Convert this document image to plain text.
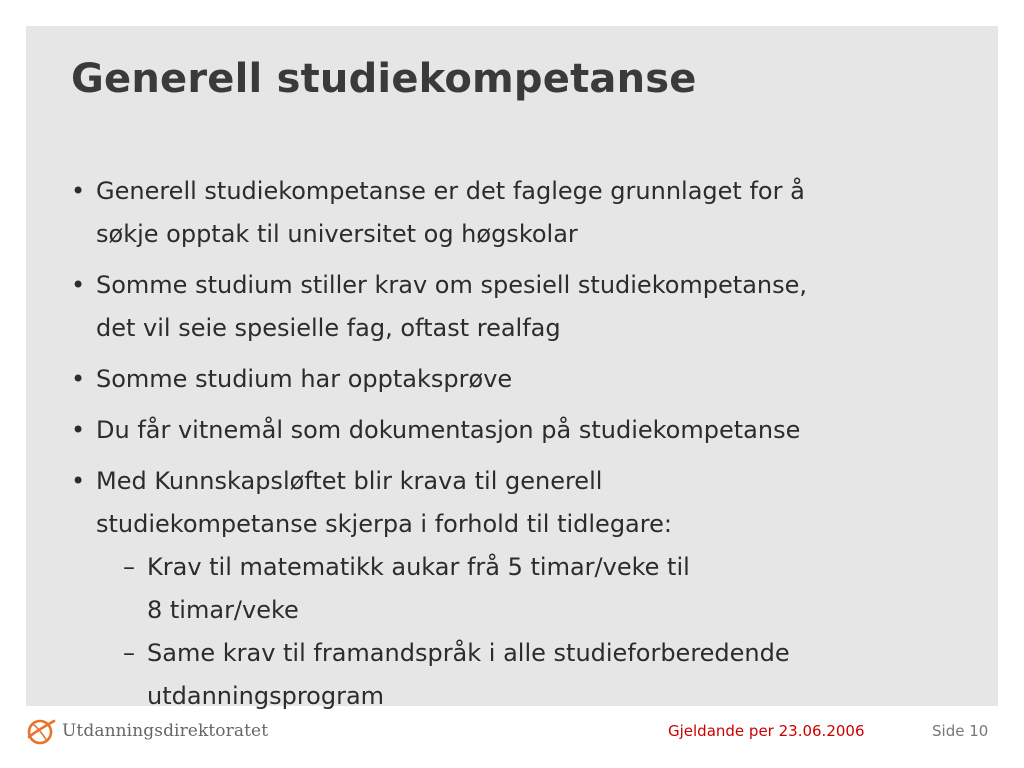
Generell studiekompetanse
• Generell studiekompetanse er det faglege grunnlaget for å
søkje opptak til universitet og høgskolar
• Somme studium stiller krav om spesiell studiekompetanse,
det vil seie spesielle fag, oftast realfag
• Somme studium har opptaksprøve
• Du får vitnemål som dokumentasjon på studiekompetanse
• Med Kunnskapsløftet blir krava til generell
studiekompetanse skjerpa i forhold til tidlegare:
– Krav til matematikk aukar frå 5 timar/veke til
8 timar/veke
– Same krav til framandspråk i alle studieforberedende
utdanningsprogram
Utdanningsdirektoratet	Gjeldande per 23.06.2006	Side 10
